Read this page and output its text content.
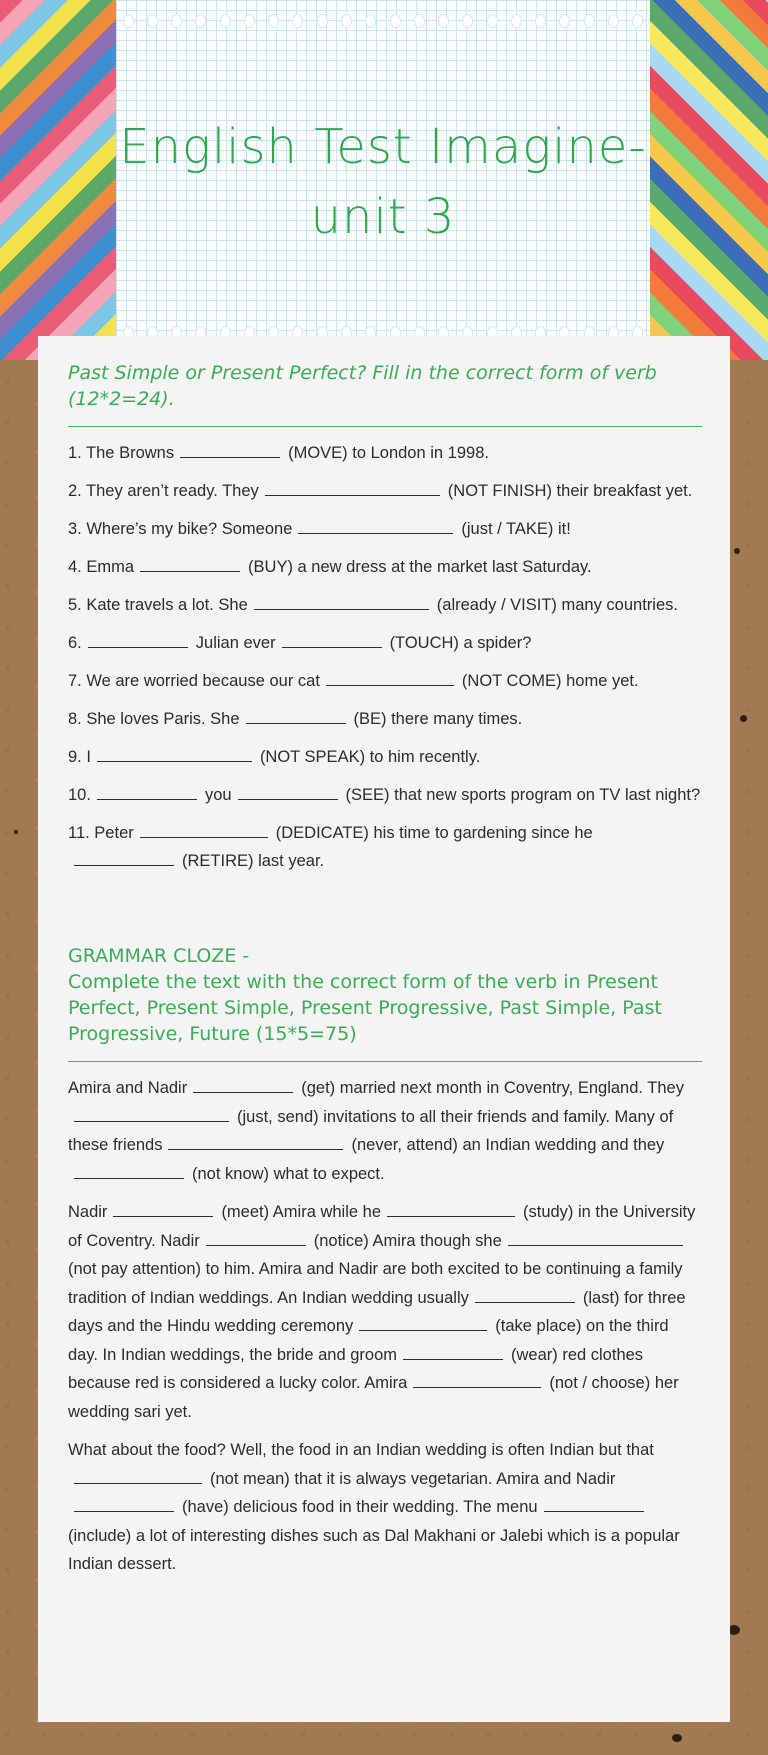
English Test Imagine-
unit 3
Past Simple or Present Perfect? Fill in the correct form of verb (12*2=24).

1. The Browns	(MOVE) to London in 1998.

2. They aren’t ready. They	(NOT FINISH) their breakfast yet.

3. Where’s my bike? Someone	(just / TAKE) it!

4. Emma	(BUY) a new dress at the market last Saturday.

5. Kate travels a lot. She	(already / VISIT) many countries.

6.	Julian ever	(TOUCH) a spider?

7. We are worried because our cat	(NOT COME) home yet.

8. She loves Paris. She	(BE) there many times.

9. I	(NOT SPEAK) to him recently.

10.	you	(SEE) that new sports program on TV last night?

11. Peter	(DEDICATE) his time to gardening since he(RETIRE) last year.

GRAMMAR CLOZE -
Complete the text with the correct form of the verb in Present Perfect, Present Simple, Present Progressive, Past Simple, Past Progressive, Future (15*5=75)

Amira and Nadir	(get) married next month in Coventry, England. They(just, send) invitations to all their friends and family. Many of these friends	(never, attend) an Indian wedding and they(not know) what to expect.

Nadir	(meet) Amira while he	(study) in the University of Coventry. Nadir	(notice) Amira though she(not pay attention) to him. Amira and Nadir are both excited to be continuing a family tradition of Indian weddings. An Indian wedding usually	(last) for three days and the Hindu wedding ceremony	(take place) on the third day. In Indian weddings, the bride and groom	(wear) red clothes because red is considered a lucky color. Amira	(not / choose) her wedding sari yet.

What about the food? Well, the food in an Indian wedding is often Indian but that(not mean) that it is always vegetarian. Amira and Nadir(have) delicious food in their wedding. The menu(include) a lot of interesting dishes such as Dal Makhani or Jalebi which is a popular Indian dessert.
